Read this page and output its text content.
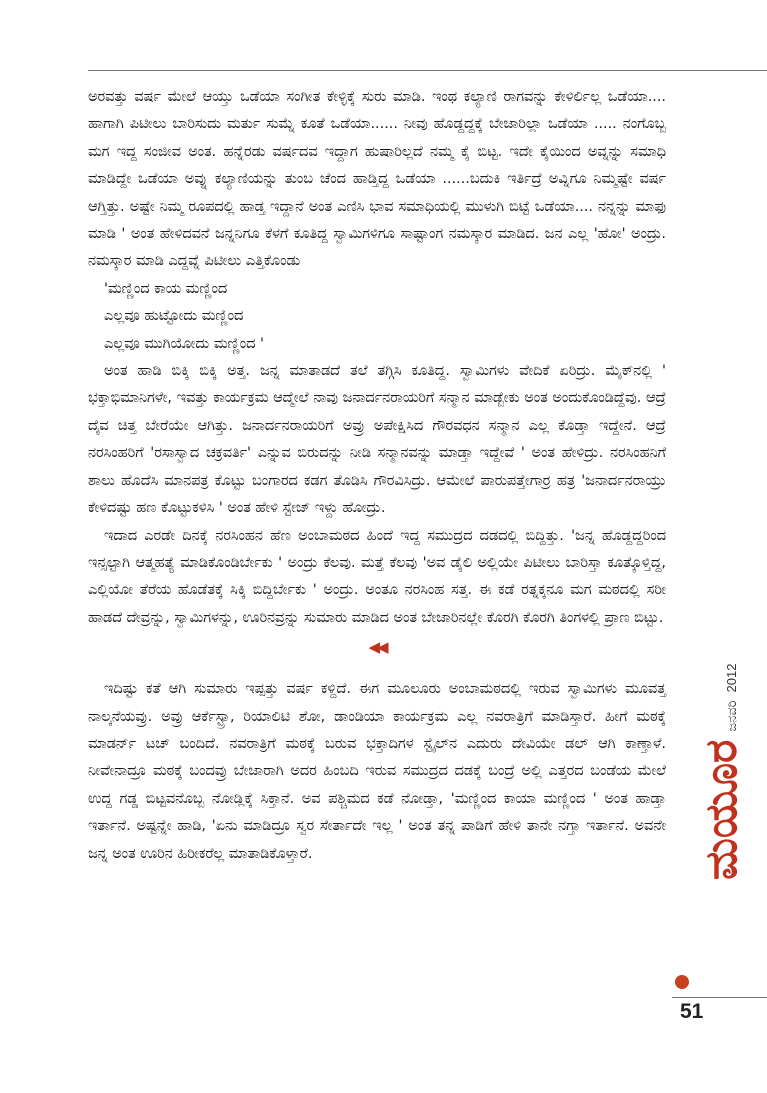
ಅರವತ್ತು ವರ್ಷ ಮೇಲೆ ಆಯ್ತು ಒಡೆಯಾ ಸಂಗೀತ ಕೇಳ್ಳಿಕ್ಕೆ ಸುರು ಮಾಡಿ. ಇಂಥ ಕಲ್ಯಾಣಿ ರಾಗವನ್ನು ಕೇಳಿರ್ಲಿಲ್ಲ ಒಡೆಯಾ.... ಹಾಗಾಗಿ ಪಿಟೀಲು ಬಾರಿಸುದು ಮರ್ತು ಸುಮ್ನೆ ಕೂತೆ ಒಡೆಯಾ...... ನೀವು ಹೊಡ್ದದ್ದಕ್ಕೆ ಬೇಜಾರಿಲ್ಲಾ ಒಡೆಯಾ ..... ನಂಗೊಬ್ಬ ಮಗ ಇದ್ದ ಸಂಜೀವ ಅಂತ. ಹನ್ನೆರಡು ವರ್ಷದವ ಇದ್ದಾಗ ಹುಷಾರಿಲ್ಲದೆ ನಮ್ಮ ಕೈ ಬಿಟ್ಟ. ಇದೇ ಕೈಯಿಂದ ಅವ್ನನ್ನು ಸಮಾಧಿ ಮಾಡಿದ್ದೇ ಒಡೆಯಾ ಅವ್ನು ಕಲ್ಯಾಣಿಯನ್ನು ತುಂಬ ಚೆಂದ ಹಾಡ್ತಿದ್ದ ಒಡೆಯಾ ......ಬದುಕಿ ಇರ್ತಿದ್ರೆ ಅವ್ನಿಗೂ ನಿಮ್ಮಷ್ಟೇ ವರ್ಷ ಆಗ್ತಿತ್ತು. ಅಷ್ಟೇ ನಿಮ್ಮ ರೂಪದಲ್ಲಿ ಹಾಡ್ತ ಇದ್ದಾನೆ ಅಂತ ಎಣಿಸಿ ಭಾವ ಸಮಾಧಿಯಲ್ಲಿ ಮುಳುಗಿ ಬಿಟ್ಟೆ ಒಡೆಯಾ.... ನನ್ನನ್ನು ಮಾಫು ಮಾಡಿ ' ಅಂತ ಹೇಳಿದವನೆ ಜನ್ನನಿಗೂ ಕೆಳಗೆ ಕೂತಿದ್ದ ಸ್ವಾಮಿಗಳಿಗೂ ಸಾಷ್ಟಾಂಗ ನಮಸ್ಕಾರ ಮಾಡಿದ. ಜನ ಎಲ್ಲ 'ಹೋ' ಅಂದ್ರು. ನಮಸ್ಕಾರ ಮಾಡಿ ಎದ್ದವ್ನೆ ಪಿಟೀಲು ಎತ್ತಿಕೊಂಡು

'ಮಣ್ಣಿಂದ ಕಾಯ ಮಣ್ಣಿಂದ

ಎಲ್ಲವೂ ಹುಟ್ಟೋದು ಮಣ್ಣಿಂದ

ಎಲ್ಲವೂ ಮುಗಿಯೋದು ಮಣ್ಣಿಂದ '

ಅಂತ ಹಾಡಿ ಬಿಕ್ಕಿ ಬಿಕ್ಕಿ ಅತ್ತ. ಜನ್ನ ಮಾತಾಡದೆ ತಲೆ ತಗ್ಗಿಸಿ ಕೂತಿದ್ದ. ಸ್ವಾಮಿಗಳು ವೇದಿಕೆ ಏರಿದ್ರು. ಮೈಕ್‌ನಲ್ಲಿ ' ಭಕ್ತಾಭಿಮಾನಿಗಳೇ, ಇವತ್ತು ಕಾರ್ಯಕ್ರಮ ಆದ್ಮೇಲೆ ನಾವು ಜನಾರ್ದನರಾಯರಿಗೆ ಸನ್ಮಾನ ಮಾಡ್ಬೇಕು ಅಂತ ಅಂದುಕೊಂಡಿದ್ದೆವು. ಆದ್ರೆ ದೈವ ಚಿತ್ತ ಬೇರೆಯೇ ಆಗಿತ್ತು. ಜನಾರ್ದನರಾಯರಿಗೆ ಅವ್ರು ಅಪೇಕ್ಷಿಸಿದ ಗೌರವಧನ ಸನ್ಮಾನ ಎಲ್ಲ ಕೊಡ್ತಾ ಇದ್ದೇನೆ. ಆದ್ರೆ ನರಸಿಂಹರಿಗೆ 'ರಸಾಸ್ವಾದ ಚಕ್ರವರ್ತಿ' ಎನ್ನುವ ಬಿರುದನ್ನು ನೀಡಿ ಸನ್ಮಾನವನ್ನು ಮಾಡ್ತಾ ಇದ್ದೇವೆ ' ಅಂತ ಹೇಳಿದ್ರು. ನರಸಿಂಹನಿಗೆ ಶಾಲು ಹೊದೆಸಿ ಮಾನಪತ್ರ ಕೊಟ್ಟು ಬಂಗಾರದ ಕಡಗ ತೊಡಿಸಿ ಗೌರವಿಸಿದ್ರು. ಆಮೇಲೆ ಪಾರುಪತ್ತೇಗಾರ್ರ ಹತ್ರ 'ಜನಾರ್ದನರಾಯ್ರು ಕೇಳಿದಷ್ಟು ಹಣ ಕೊಟ್ಟುಕಳಿಸಿ ' ಅಂತ ಹೇಳಿ ಸ್ಟೇಜ್ ಇಳ್ದು ಹೋದ್ರು.

ಇದಾದ ಎರಡೇ ದಿನಕ್ಕೆ ನರಸಿಂಹನ ಹೆಣ ಅಂಬಾಮಠದ ಹಿಂದೆ ಇದ್ದ ಸಮುದ್ರದ ದಡದಲ್ಲಿ ಬಿದ್ದಿತ್ತು. 'ಜನ್ನ ಹೊಡ್ದದ್ದರಿಂದ ಇನ್ಸಲ್ಟಾಗಿ ಆತ್ಮಹತ್ಯೆ ಮಾಡಿಕೊಂಡಿರ್ಬೇಕು ' ಅಂದ್ರು ಕೆಲವು. ಮತ್ತೆ ಕೆಲವು 'ಅವ ಡೈಲಿ ಅಲ್ಲಿಯೇ ಪಿಟೀಲು ಬಾರಿಸ್ತಾ ಕೂತ್ಕೊಳ್ತಿದ್ದ, ಎಲ್ಲಿಯೋ ತೆರೆಯ ಹೊಡೆತಕ್ಕೆ ಸಿಕ್ಕಿ ಬಿದ್ದಿರ್ಬೇಕು ' ಅಂದ್ರು. ಅಂತೂ ನರಸಿಂಹ ಸತ್ತ. ಈ ಕಡೆ ರತ್ನಕ್ಕನೂ ಮಗ ಮಠದಲ್ಲಿ ಸರೀ ಹಾಡದೆ ದೇವ್ರನ್ನು, ಸ್ವಾಮಿಗಳನ್ನು, ಊರಿನವ್ರನ್ನು ಸುಮಾರು ಮಾಡಿದ ಅಂತ ಬೇಜಾರಿನಲ್ಲೇ ಕೊರಗಿ ಕೊರಗಿ ತಿಂಗಳಲ್ಲಿ ಪ್ರಾಣ ಬಿಟ್ಟು.

◀◀

ಇದಿಷ್ಟು ಕತೆ ಆಗಿ ಸುಮಾರು ಇಪ್ಪತ್ತು ವರ್ಷ ಕಳ್ದಿದೆ. ಈಗ ಮೂಲೂರು ಅಂಬಾಮಠದಲ್ಲಿ ಇರುವ ಸ್ವಾಮಿಗಳು ಮೂವತ್ತ ನಾಲ್ಕನೆಯವ್ರು. ಅವ್ರು ಆರ್ಕೆಸ್ಟ್ರಾ, ರಿಯಾಲಿಟಿ ಶೋ, ಡಾಂಡಿಯಾ ಕಾರ್ಯಕ್ರಮ ಎಲ್ಲ ನವರಾತ್ರಿಗೆ ಮಾಡಿಸ್ತಾರೆ. ಹೀಗೆ ಮಠಕ್ಕೆ ಮಾಡರ್ನ್ ಟಚ್ ಬಂದಿದೆ. ನವರಾತ್ರಿಗೆ ಮಠಕ್ಕೆ ಬರುವ ಭಕ್ತಾದಿಗಳ ಸ್ಟೈಲ್‌ನ ಎದುರು ದೇವಿಯೇ ಡಲ್ ಆಗಿ ಕಾಣ್ತಾಳೆ. ನೀವೇನಾದ್ರೂ ಮಠಕ್ಕೆ ಬಂದವ್ರು ಬೇಜಾರಾಗಿ ಅದರ ಹಿಂಬದಿ ಇರುವ ಸಮುದ್ರದ ದಡಕ್ಕೆ ಬಂದ್ರೆ ಅಲ್ಲಿ ಎತ್ತರದ ಬಂಡೆಯ ಮೇಲೆ ಉದ್ದ ಗಡ್ಡ ಬಿಟ್ಟವನೊಬ್ಬ ನೋಡ್ಲಿಕ್ಕೆ ಸಿಕ್ತಾನೆ. ಅವ ಪಶ್ಚಿಮದ ಕಡೆ ನೋಡ್ತಾ, 'ಮಣ್ಣಿಂದ ಕಾಯಾ ಮಣ್ಣಿಂದ ' ಅಂತ ಹಾಡ್ತಾ ಇರ್ತಾನೆ. ಅಷ್ಟನ್ನೇ ಹಾಡಿ, 'ಏನು ಮಾಡಿದ್ರೂ ಸ್ವರ ಸೇರ್ತಾದೇ ಇಲ್ಲ ' ಅಂತ ತನ್ನ ಪಾಡಿಗೆ ಹೇಳಿ ತಾನೇ ನಗ್ತಾ ಇರ್ತಾನೆ. ಅವನೇ ಜನ್ನ ಅಂತ ಊರಿನ ಹಿರೀಕರೆಲ್ಲ ಮಾತಾಡಿಕೊಳ್ತಾರೆ.	ಮಯೂರ
ಜನವರಿ
2012
51
